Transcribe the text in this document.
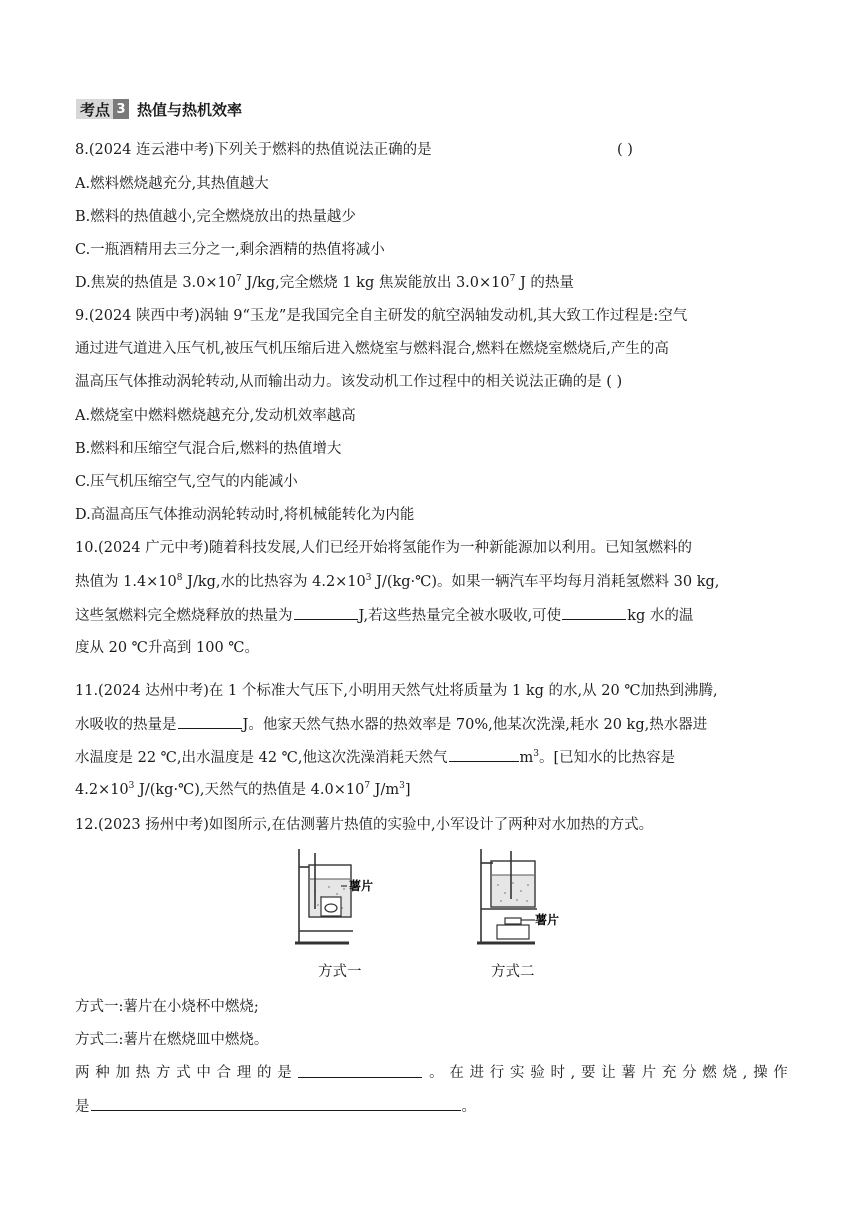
考点 3 热值与热机效率
8.(2024 连云港中考)下列关于燃料的热值说法正确的是	( )
A.燃料燃烧越充分,其热值越大
B.燃料的热值越小,完全燃烧放出的热量越少
C.一瓶酒精用去三分之一,剩余酒精的热值将减小
D.焦炭的热值是 $3.0\times 10^7$ J/kg,完全燃烧 1 kg 焦炭能放出 $3.0\times 10^7$ J 的热量
9.(2024 陕西中考)涡轴 9“玉龙”是我国完全自主研发的航空涡轴发动机,其大致工作过程是:空气
通过进气道进入压气机,被压气机压缩后进入燃烧室与燃料混合,燃料在燃烧室燃烧后,产生的高
温高压气体推动涡轮转动,从而输出动力。该发动机工作过程中的相关说法正确的是 ( )
A.燃烧室中燃料燃烧越充分,发动机效率越高
B.燃料和压缩空气混合后,燃料的热值增大
C.压气机压缩空气,空气的内能减小
D.高温高压气体推动涡轮转动时,将机械能转化为内能
10.(2024 广元中考)随着科技发展,人们已经开始将氢能作为一种新能源加以利用。已知氢燃料的
热值为 $1.4\times 10^8$ J/kg,水的比热容为 $4.2\times 10^3$ J/(kg·℃)。如果一辆汽车平均每月消耗氢燃料 30 kg,
这些氢燃料完全燃烧释放的热量为	J,若这些热量完全被水吸收,可使	kg 水的温
度从 20 ℃升高到 100 ℃。
11.(2024 达州中考)在 1 个标准大气压下,小明用天然气灶将质量为 1 kg 的水,从 20 ℃加热到沸腾,
水吸收的热量是	J。他家天然气热水器的热效率是 70%,他某次洗澡,耗水 20 kg,热水器进
水温度是 22 ℃,出水温度是 42 ℃,他这次洗澡消耗天然气	$m^3$。[已知水的比热容是
$4.2\times 10^3$ J/(kg·℃),天然气的热值是 $4.0\times 10^7$ $J/m^3$]
12.(2023 扬州中考)如图所示,在估测薯片热值的实验中,小军设计了两种对水加热的方式。
薯片
薯片
方式一	方式二
方式一:薯片在小烧杯中燃烧;
方式二:薯片在燃烧皿中燃烧。
两 种 加 热 方 式 中 合 理 的 是	。 在 进 行 实 验 时 , 要 让 薯 片 充 分 燃 烧 , 操 作
是	。
